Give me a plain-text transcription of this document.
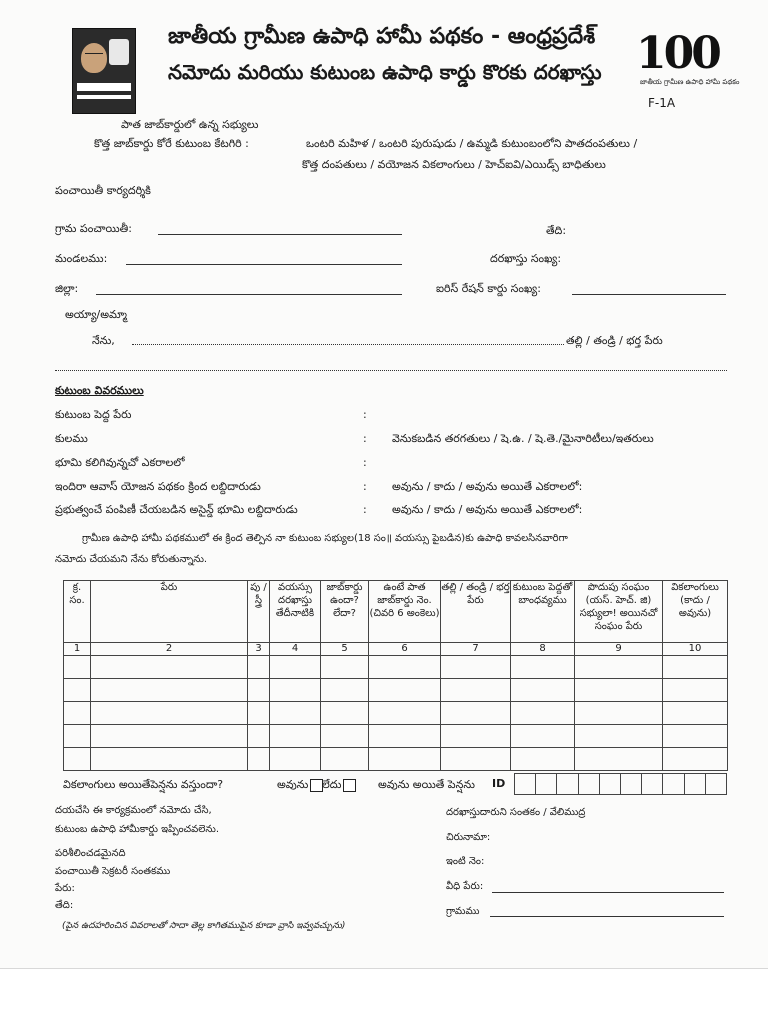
జాతీయ గ్రామీణ ఉపాధి హామీ పథకం - ఆంధ్రప్రదేశ్
నమోదు మరియు కుటుంబ ఉపాధి కార్డు కొరకు దరఖాస్తు 100
జాతీయ గ్రామీణ ఉపాధి హామీ పథకం
F-1A
పాత జాబ్‌కార్డులో ఉన్న సభ్యులు
కొత్త జాబ్‌కార్డు కోరే కుటుంబ కేటగిరి :	ఒంటరి మహిళ / ఒంటరి పురుషుడు / ఉమ్మడి కుటుంబంలోని పాతదంపతులు /
కొత్త దంపతులు / వయోజన వికలాంగులు / హెచ్ఐవి/ఎయిడ్స్ బాధితులు
పంచాయితీ కార్యదర్శికి
గ్రామ పంచాయితీ:	తేది:
మండలము:	దరఖాస్తు సంఖ్య:
జిల్లా:	ఐరిస్ రేషన్ కార్డు సంఖ్య:
అయ్యా/అమ్మా
నేను,	తల్లి / తండ్రి / భర్త పేరు
కుటుంబ వివరములు
కుటుంబ పెద్ద పేరు	:
కులము	: వెనుకబడిన తరగతులు / షె.ఉ. / షె.తె./మైనారిటీలు/ఇతరులు
భూమి కలిగివున్నచో ఎకరాలలో	:
ఇందిరా ఆవాస్ యోజన పథకం క్రింద లబ్దిదారుడు	: అవును / కాదు / అవును అయితే ఎకరాలలో:
ప్రభుత్వంచే పంపిణీ చేయబడిన అసైన్డ్ భూమి లబ్దిదారుడు	: అవును / కాదు / అవును అయితే ఎకరాలలో:
గ్రామీణ ఉపాధి హామీ పథకములో ఈ క్రింద తెల్పిన నా కుటుంబ సభ్యుల(18 సం॥ వయస్సు పైబడిన)కు ఉపాధి కావలసినవారిగా
నమోదు చేయమని నేను కోరుతున్నాను.
క్ర. సం.	పేరు	పు / స్త్రీ	వయస్సు దరఖాస్తు తేదీనాటికి	జాబ్‌కార్డు ఉందా? లేదా?	ఉంటే పాత జాబ్‌కార్డు నెం. (చివరి 6 అంకెలు)	తల్లి / తండ్రి / భర్త పేరు	కుటుంబ పెద్దతో బాంధవ్యము	పొదుపు సంఘం (యస్. హెచ్. జి) సభ్యులా! అయినచో సంఘం పేరు	వికలాంగులు (కాదు / అవును)
1	2	3	4	5	6	7	8	9	10

వికలాంగులు అయితేపెన్షను వస్తుందా?	అవును	లేదు	అవును అయితే పెన్షను ID
దయచేసి ఈ కార్యక్రమంలో నమోదు చేసి,
కుటుంబ ఉపాధి హామీకార్డు ఇప్పించవలెను.
దరఖాస్తుదారుని సంతకం / వేలిముద్ర
చిరునామా:
పరిశీలించడమైనది
పంచాయితీ సెక్రటరీ సంతకము
పేరు:
తేది:
ఇంటి నెం:
వీధి పేరు:
గ్రామము
(పైన ఉదహరించిన వివరాలతో సాదా తెల్ల కాగితముపైన కూడా వ్రాసి ఇవ్వవచ్చును)
